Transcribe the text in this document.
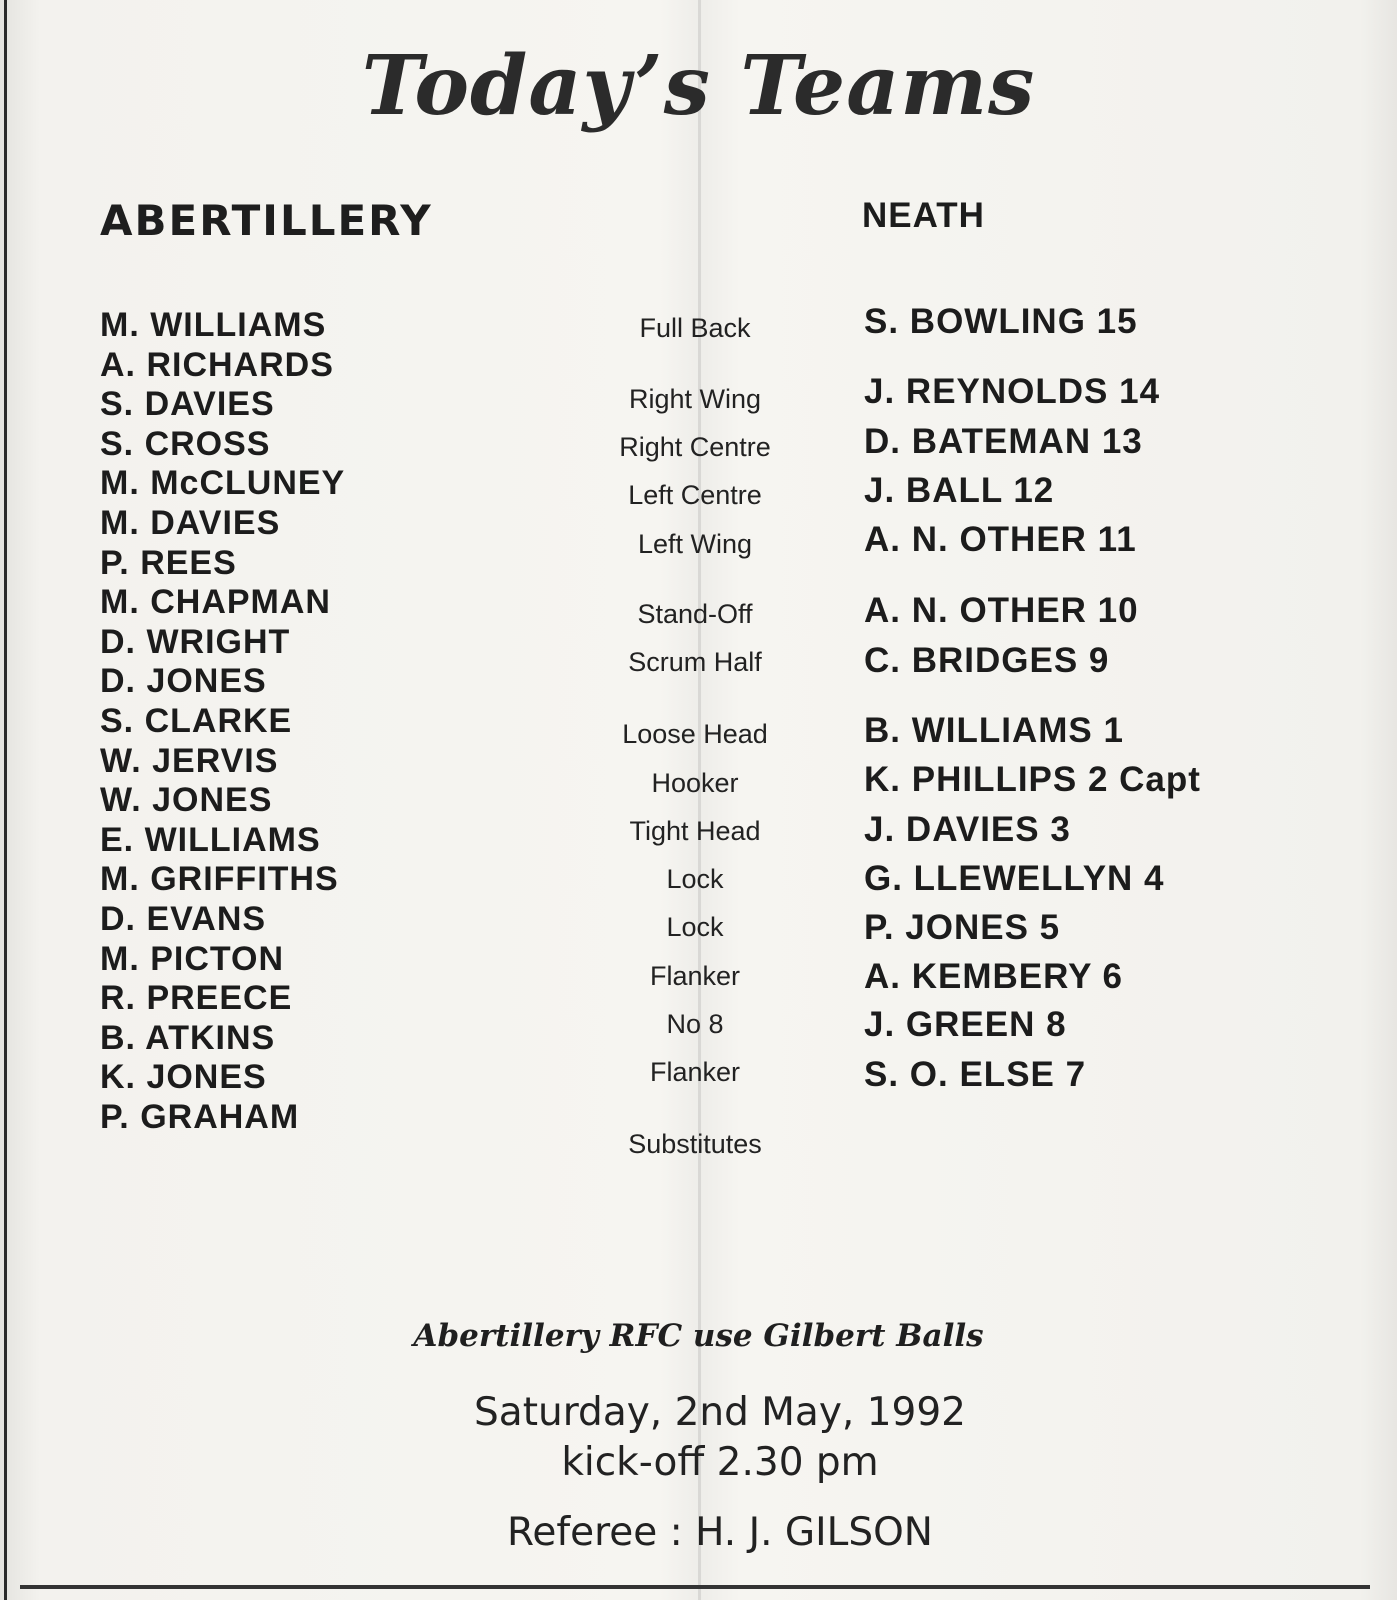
Today’s Teams
ABERTILLERY	NEATH
M. WILLIAMS
A. RICHARDS
S. DAVIES
S. CROSS
M. McCLUNEY
M. DAVIES
P. REES
M. CHAPMAN
D. WRIGHT
D. JONES
S. CLARKE
W. JERVIS
W. JONES
E. WILLIAMS
M. GRIFFITHS
D. EVANS
M. PICTON
R. PREECE
B. ATKINS
K. JONES
P. GRAHAM
Full Back
Right Wing
Right Centre
Left Centre
Left Wing
Stand-Off
Scrum Half
Loose Head
Hooker
Tight Head
Lock
Lock
Flanker
No 8
Flanker
Substitutes
S. BOWLING 15
J. REYNOLDS 14
D. BATEMAN 13
J. BALL 12
A. N. OTHER 11
A. N. OTHER 10
C. BRIDGES 9
B. WILLIAMS 1
K. PHILLIPS 2 Capt
J. DAVIES 3
G. LLEWELLYN 4
P. JONES 5
A. KEMBERY 6
J. GREEN 8
S. O. ELSE 7
Abertillery RFC use Gilbert Balls
Saturday, 2nd May, 1992
kick-off 2.30 pm
Referee : H. J. GILSON
